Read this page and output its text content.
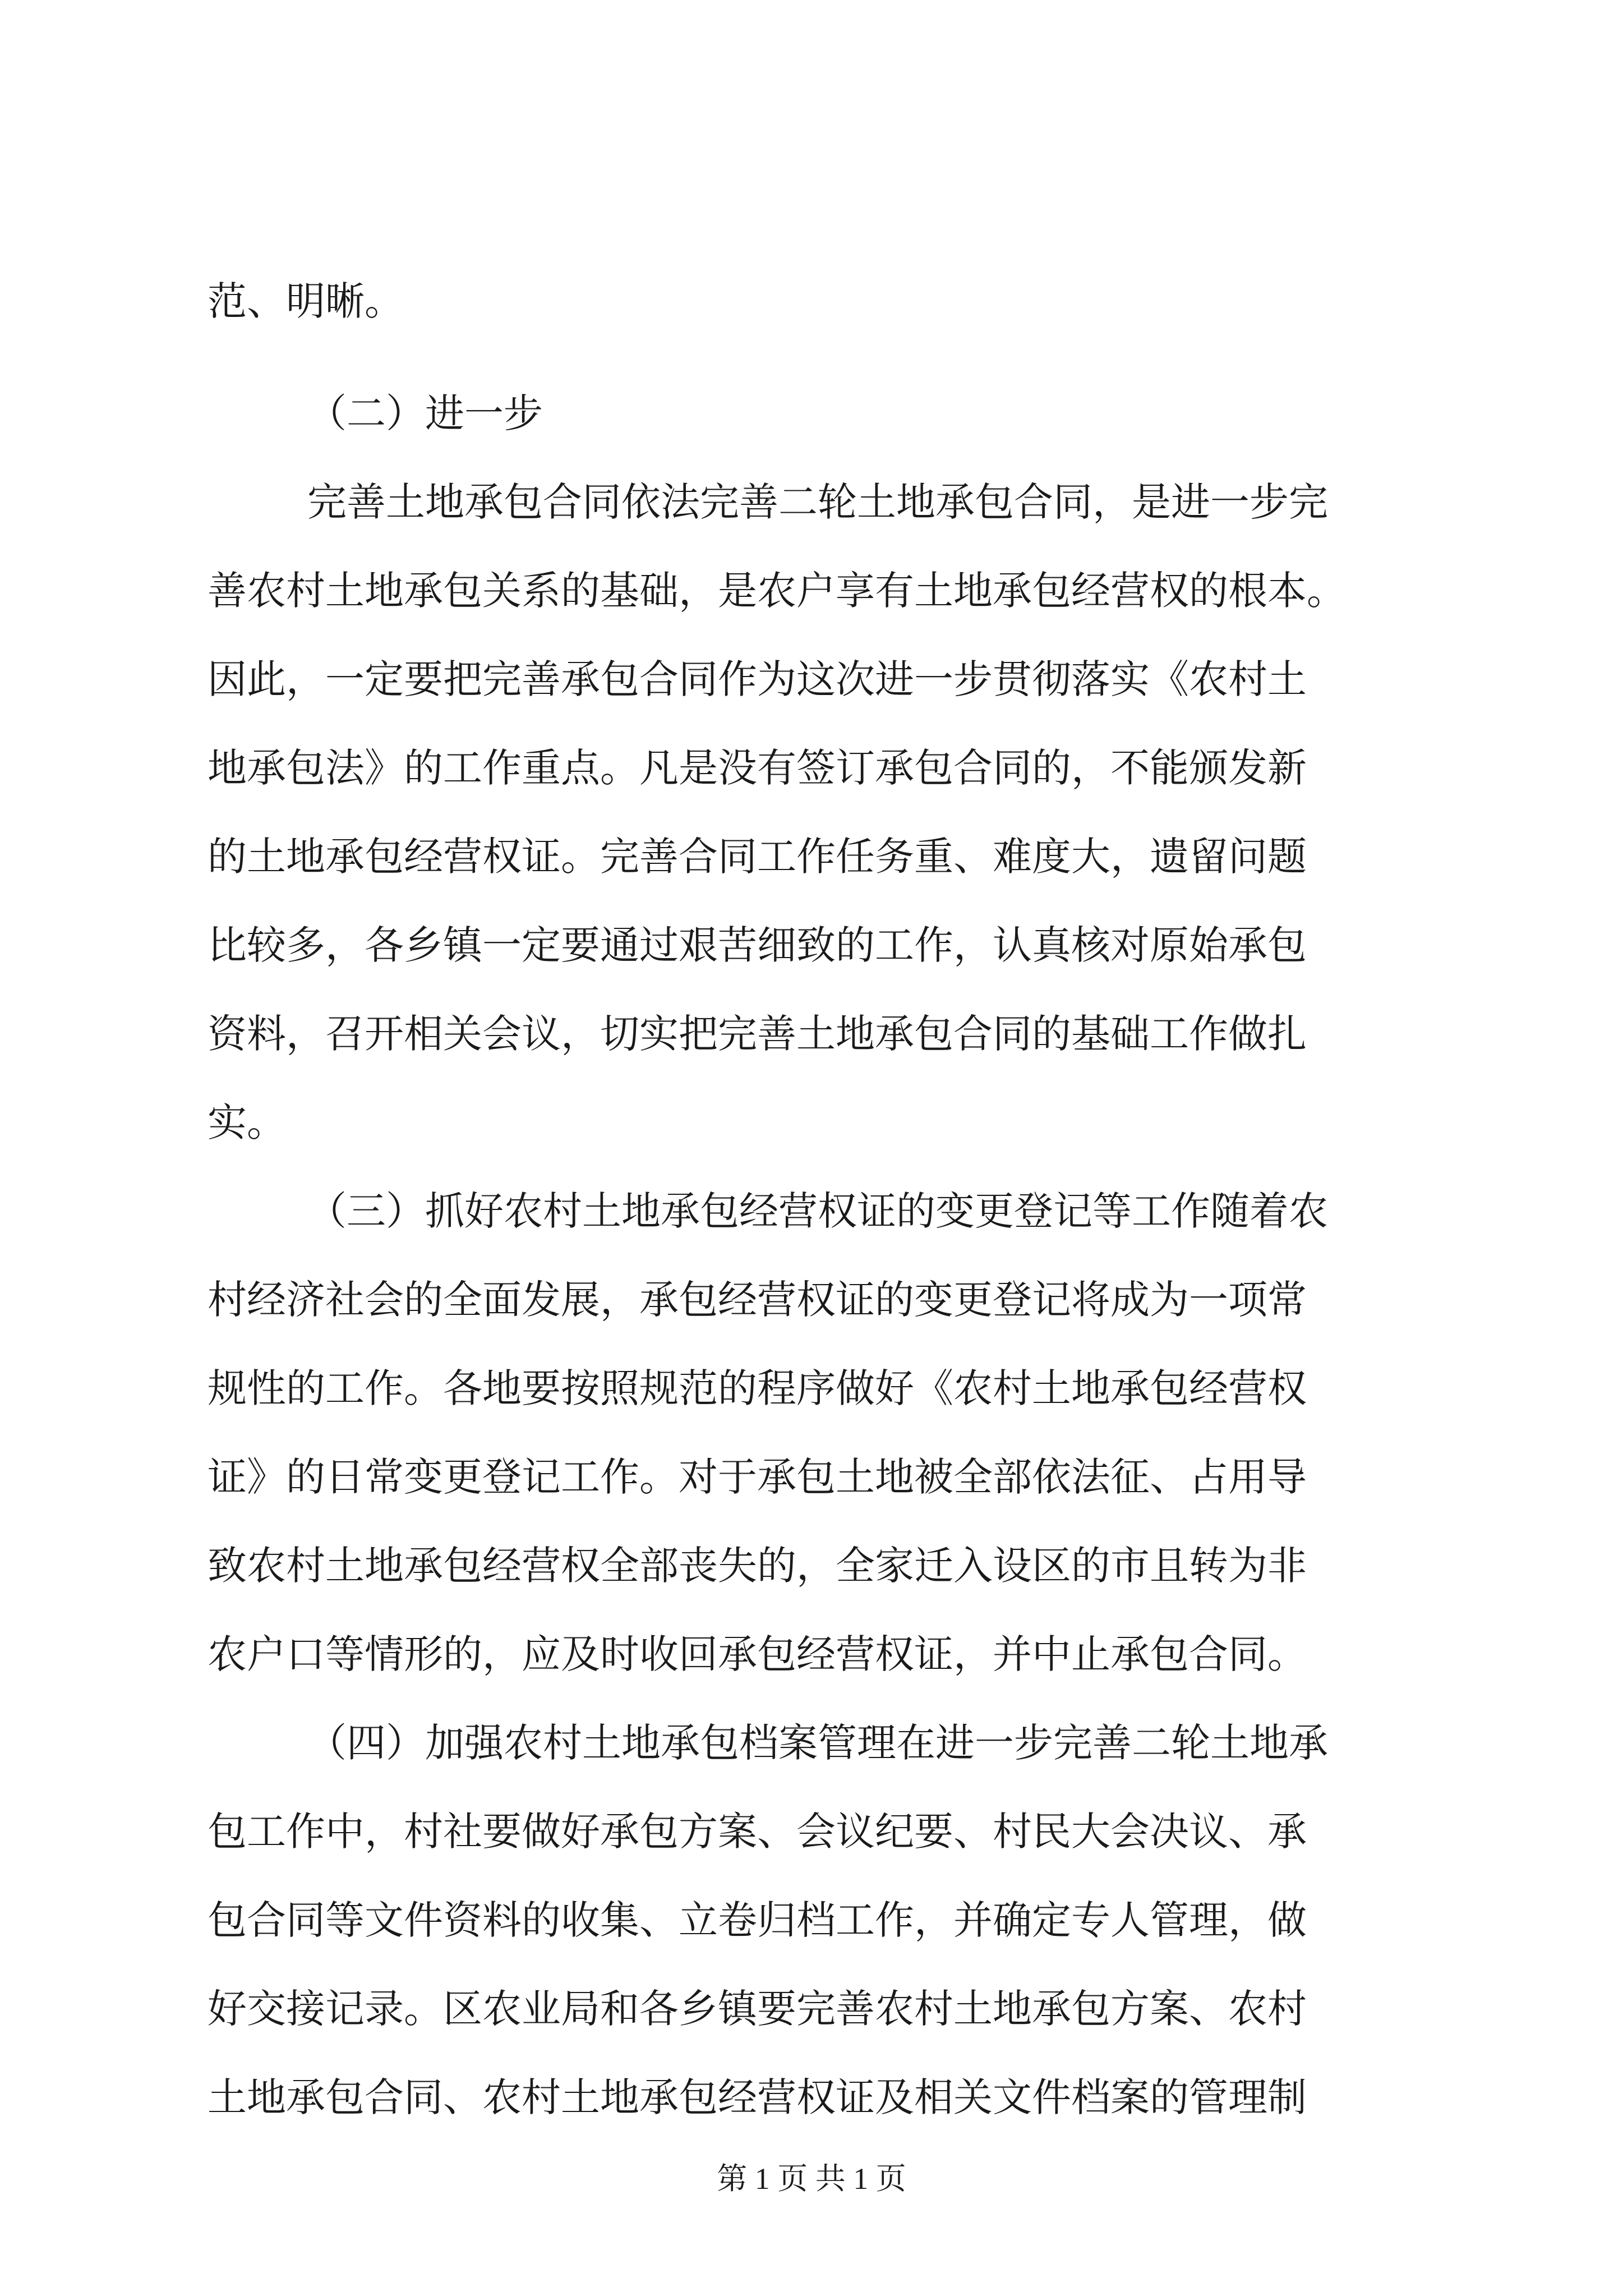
范、明晰。

（二）进一步

完善土地承包合同依法完善二轮土地承包合同，是进一步完

善农村土地承包关系的基础，是农户享有土地承包经营权的根本。

因此，一定要把完善承包合同作为这次进一步贯彻落实《农村土

地承包法》的工作重点。凡是没有签订承包合同的，不能颁发新

的土地承包经营权证。完善合同工作任务重、难度大，遗留问题

比较多，各乡镇一定要通过艰苦细致的工作，认真核对原始承包

资料，召开相关会议，切实把完善土地承包合同的基础工作做扎

实。

（三）抓好农村土地承包经营权证的变更登记等工作随着农

村经济社会的全面发展，承包经营权证的变更登记将成为一项常

规性的工作。各地要按照规范的程序做好《农村土地承包经营权

证》的日常变更登记工作。对于承包土地被全部依法征、占用导

致农村土地承包经营权全部丧失的，全家迁入设区的市且转为非

农户口等情形的，应及时收回承包经营权证，并中止承包合同。

（四）加强农村土地承包档案管理在进一步完善二轮土地承

包工作中，村社要做好承包方案、会议纪要、村民大会决议、承

包合同等文件资料的收集、立卷归档工作，并确定专人管理，做

好交接记录。区农业局和各乡镇要完善农村土地承包方案、农村

土地承包合同、农村土地承包经营权证及相关文件档案的管理制

第 1 页 共 1 页
